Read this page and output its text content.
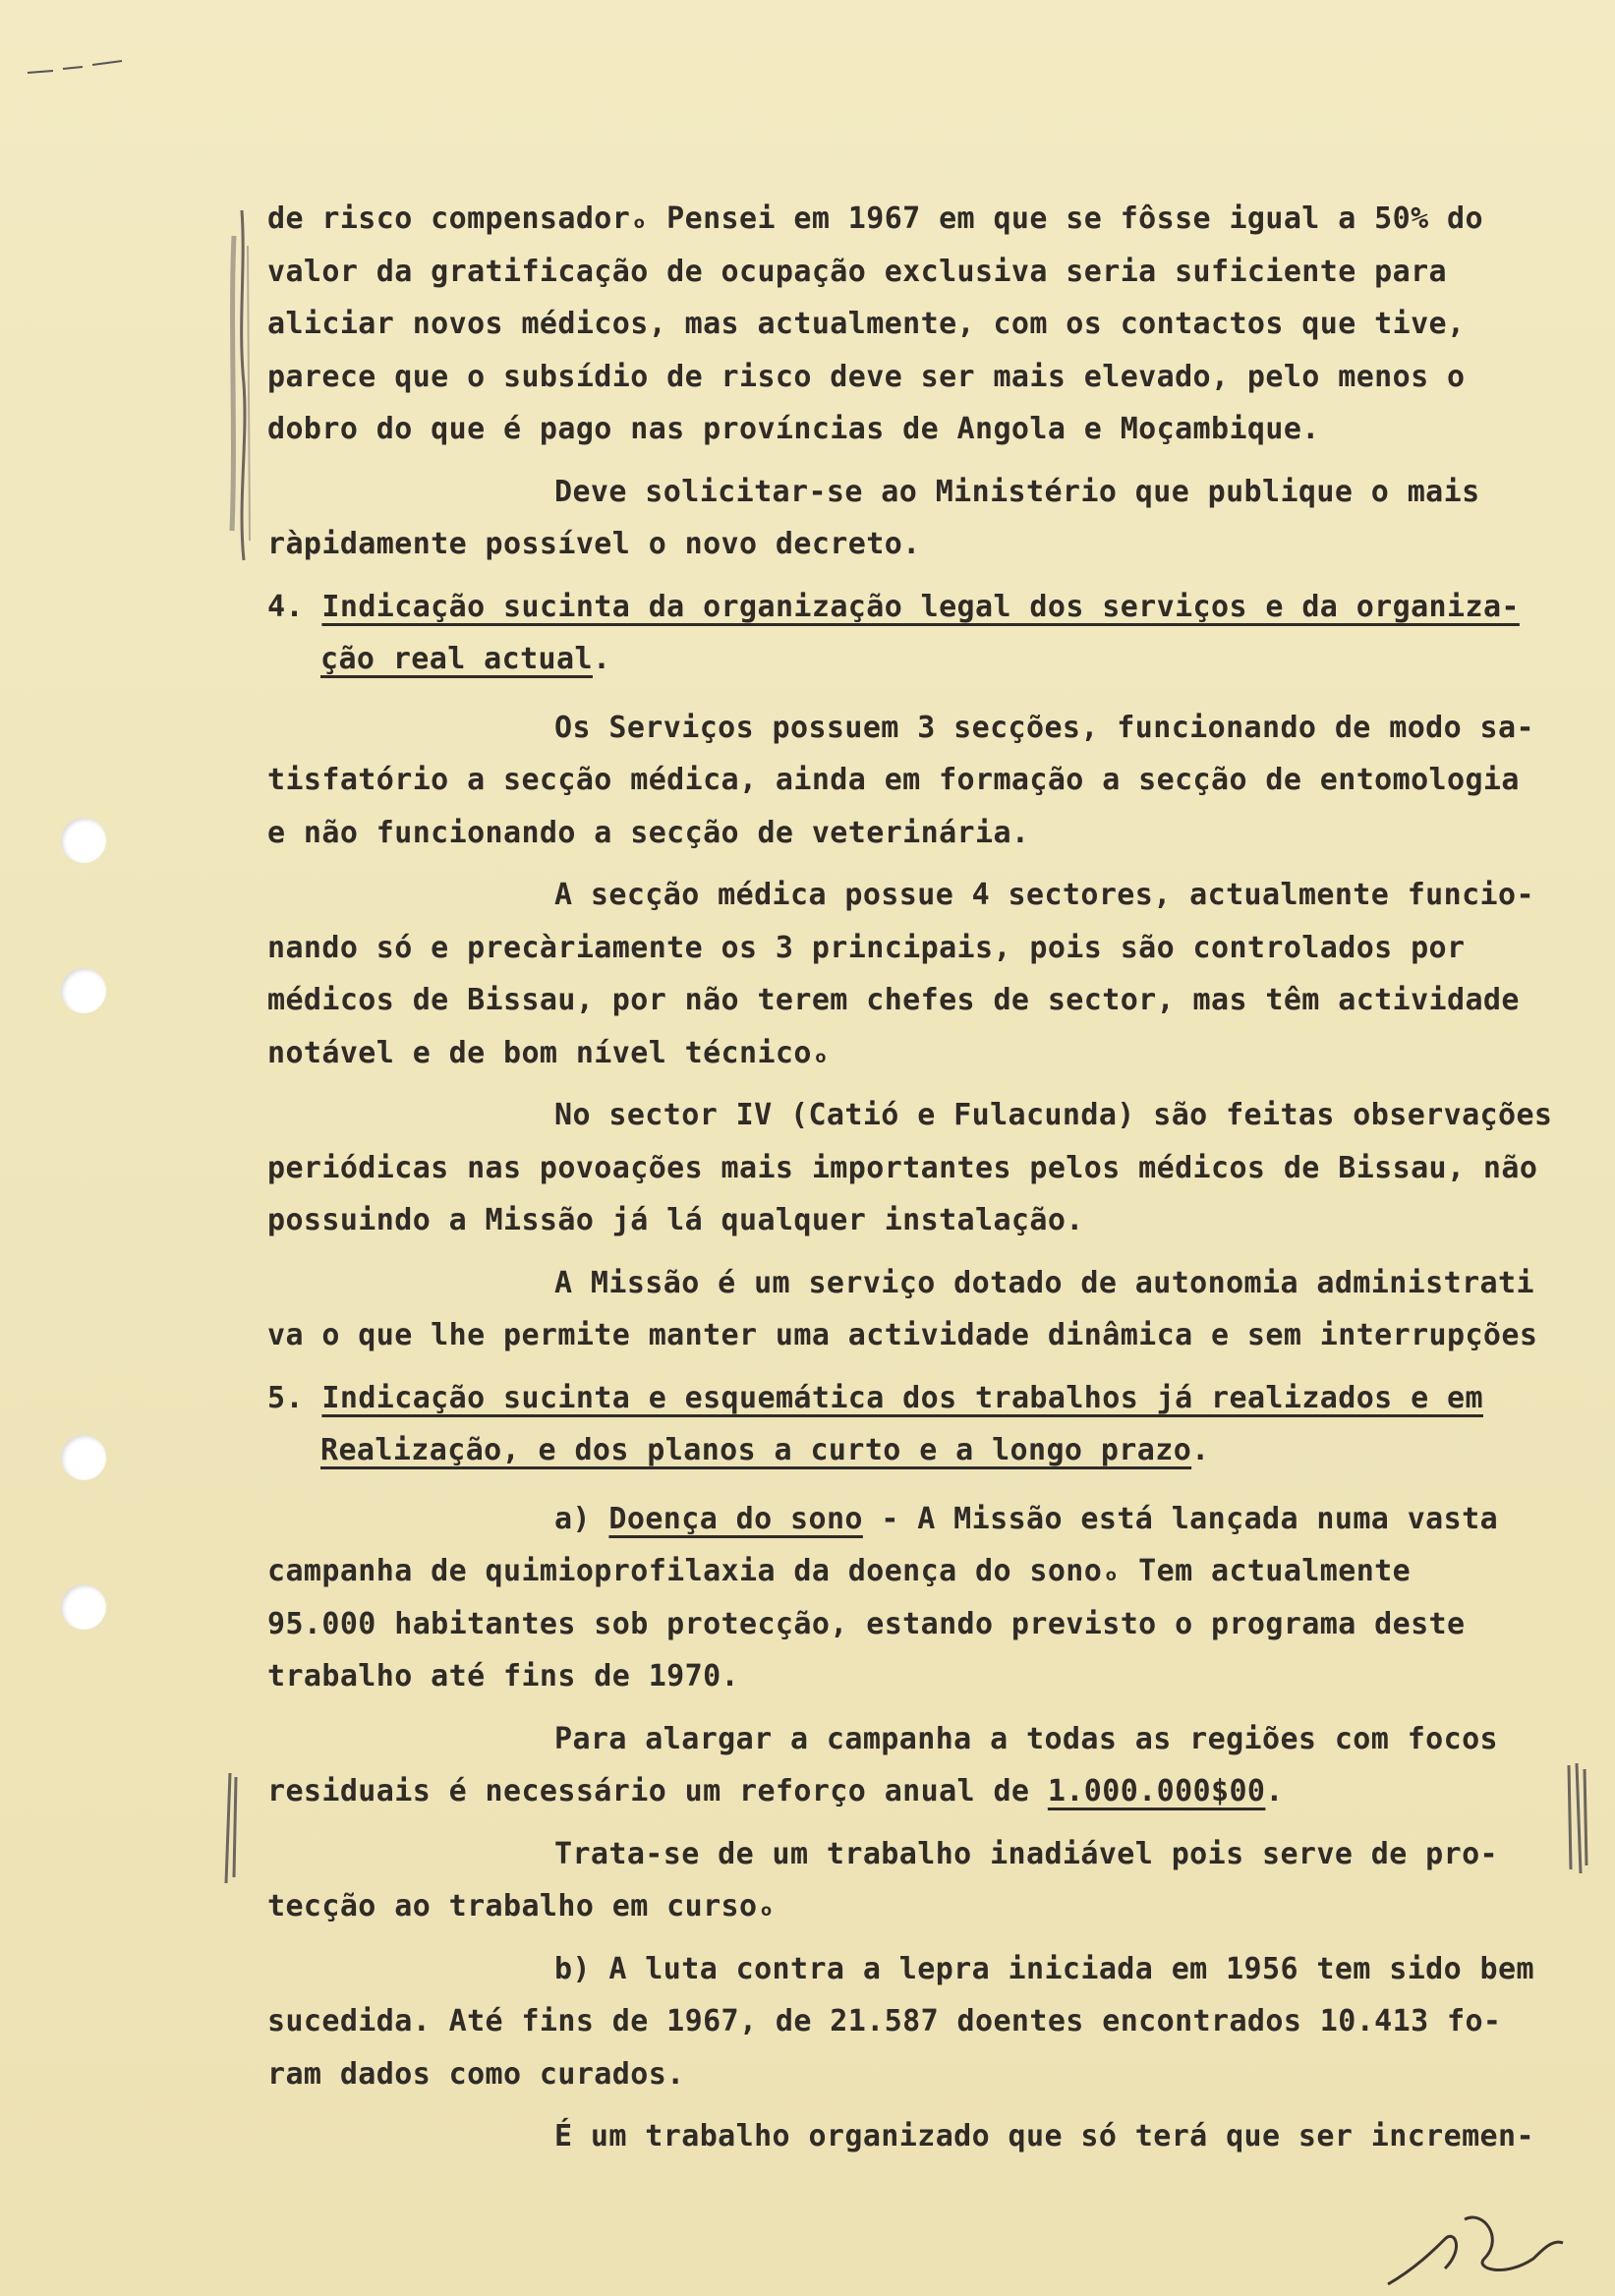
de risco compensadorₒ Pensei em 1967 em que se fôsse igual a 50% do
valor da gratificação de ocupação exclusiva seria suficiente para
aliciar novos médicos, mas actualmente, com os contactos que tive,
parece que o subsídio de risco deve ser mais elevado, pelo menos o
dobro do que é pago nas províncias de Angola e Moçambique.
Deve solicitar-se ao Ministério que publique o mais
ràpidamente possível o novo decreto.
4. Indicação sucinta da organização legal dos serviços e da organiza-
ção real actual.
Os Serviços possuem 3 secções, funcionando de modo sa-
tisfatório a secção médica, ainda em formação a secção de entomologia
e não funcionando a secção de veterinária.
A secção médica possue 4 sectores, actualmente funcio-
nando só e precàriamente os 3 principais, pois são controlados por
médicos de Bissau, por não terem chefes de sector, mas têm actividade
notável e de bom nível técnicoₒ
No sector IV (Catió e Fulacunda) são feitas observações
periódicas nas povoações mais importantes pelos médicos de Bissau, não
possuindo a Missão já lá qualquer instalação.
A Missão é um serviço dotado de autonomia administrati
va o que lhe permite manter uma actividade dinâmica e sem interrupções
5. Indicação sucinta e esquemática dos trabalhos já realizados e em
Realização, e dos planos a curto e a longo prazo.
a) Doença do sono - A Missão está lançada numa vasta
campanha de quimioprofilaxia da doença do sonoₒ Tem actualmente
95.000 habitantes sob protecção, estando previsto o programa deste
trabalho até fins de 1970.
Para alargar a campanha a todas as regiões com focos
residuais é necessário um reforço anual de 1.000.000$00.
Trata-se de um trabalho inadiável pois serve de pro-
tecção ao trabalho em cursoₒ
b) A luta contra a lepra iniciada em 1956 tem sido bem
sucedida. Até fins de 1967, de 21.587 doentes encontrados 10.413 fo-
ram dados como curados.
É um trabalho organizado que só terá que ser incremen-
